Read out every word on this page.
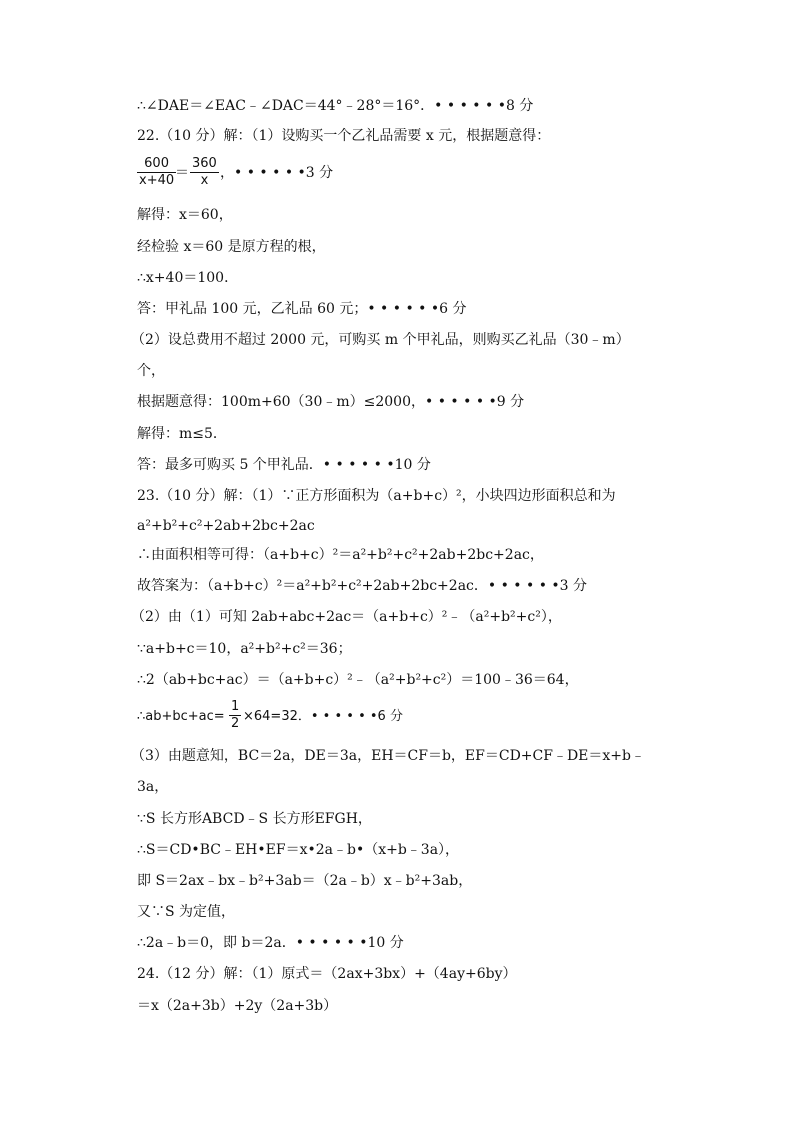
∴∠DAE＝∠EAC﹣∠DAC＝44°﹣28°＝16°．• • • • • •8 分
22.（10 分）解：（1）设购买一个乙礼品需要 x 元，根据题意得：
$\frac{600}{x+40}$
＝ $\frac{360}{x}$ ，• • • • • •3 分
解得：x＝60，
经检验 x＝60 是原方程的根，
∴x+40＝100．
答：甲礼品 100 元，乙礼品 60 元；• • • • • •6 分
（2）设总费用不超过 2000 元，可购买 m 个甲礼品，则购买乙礼品（30﹣m）
个，
根据题意得：100m+60（30﹣m）≤2000，• • • • • •9 分
解得：m≤5．
答：最多可购买 5 个甲礼品．• • • • • •10 分
23.（10 分）解：（1）∵正方形面积为（a+b+c）²，小块四边形面积总和为
a²+b²+c²+2ab+2bc+2ac
∴由面积相等可得：（a+b+c）²＝a²+b²+c²+2ab+2bc+2ac，
故答案为：（a+b+c）²＝a²+b²+c²+2ab+2bc+2ac．• • • • • •3 分
（2）由（1）可知 2ab+abc+2ac＝（a+b+c）²﹣（a²+b²+c²），
∵a+b+c＝10，a²+b²+c²＝36；
∴2（ab+bc+ac）＝（a+b+c）²﹣（a²+b²+c²）＝100﹣36＝64，
∴ab+bc+ac= $\frac{1}{2} \times 64=32$．• • • • • •6 分
（3）由题意知，BC＝2a，DE＝3a，EH＝CF＝b，EF＝CD+CF﹣DE＝x+b﹣
3a，
∵S 长方形ABCD﹣S 长方形EFGH，
∴S＝CD•BC﹣EH•EF＝x•2a﹣b•（x+b﹣3a），
即 S＝2ax﹣bx﹣b²+3ab＝（2a﹣b）x﹣b²+3ab，
又∵S 为定值，
∴2a﹣b＝0，即 b＝2a．• • • • • •10 分
24.（12 分）解：（1）原式＝（2ax+3bx）+（4ay+6by）
＝x（2a+3b）+2y（2a+3b）
